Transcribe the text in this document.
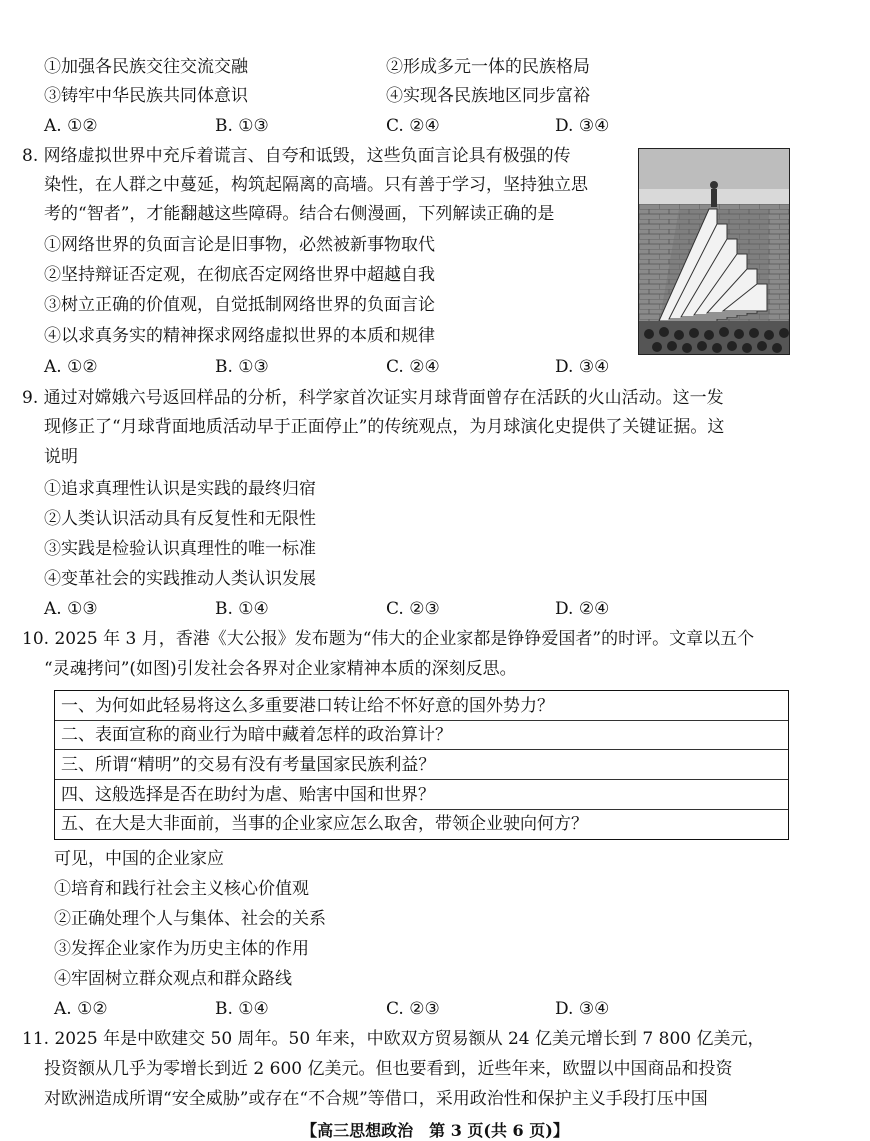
①加强各民族交往交流交融	②形成多元一体的民族格局
③铸牢中华民族共同体意识	④实现各民族地区同步富裕
A. ①②	B. ①③	C. ②④	D. ③④
8. 网络虚拟世界中充斥着谎言、自夸和诋毁，这些负面言论具有极强的传
染性，在人群之中蔓延，构筑起隔离的高墙。只有善于学习，坚持独立思
考的“智者”，才能翻越这些障碍。结合右侧漫画，下列解读正确的是
①网络世界的负面言论是旧事物，必然被新事物取代
②坚持辩证否定观，在彻底否定网络世界中超越自我
③树立正确的价值观，自觉抵制网络世界的负面言论
④以求真务实的精神探求网络虚拟世界的本质和规律
A. ①②	B. ①③	C. ②④	D. ③④
9. 通过对嫦娥六号返回样品的分析，科学家首次证实月球背面曾存在活跃的火山活动。这一发
现修正了“月球背面地质活动早于正面停止”的传统观点，为月球演化史提供了关键证据。这
说明
①追求真理性认识是实践的最终归宿
②人类认识活动具有反复性和无限性
③实践是检验认识真理性的唯一标准
④变革社会的实践推动人类认识发展
A. ①③	B. ①④	C. ②③	D. ②④
10. 2025 年 3 月，香港《大公报》发布题为“伟大的企业家都是铮铮爱国者”的时评。文章以五个
“灵魂拷问”(如图)引发社会各界对企业家精神本质的深刻反思。
一、为何如此轻易将这么多重要港口转让给不怀好意的国外势力？
二、表面宣称的商业行为暗中藏着怎样的政治算计？
三、所谓“精明”的交易有没有考量国家民族利益？
四、这般选择是否在助纣为虐、贻害中国和世界？
五、在大是大非面前，当事的企业家应怎么取舍，带领企业驶向何方？
可见，中国的企业家应
①培育和践行社会主义核心价值观
②正确处理个人与集体、社会的关系
③发挥企业家作为历史主体的作用
④牢固树立群众观点和群众路线
A. ①②	B. ①④	C. ②③	D. ③④
11. 2025 年是中欧建交 50 周年。50 年来，中欧双方贸易额从 24 亿美元增长到 7 800 亿美元，
投资额从几乎为零增长到近 2 600 亿美元。但也要看到，近些年来，欧盟以中国商品和投资
对欧洲造成所谓“安全威胁”或存在“不合规”等借口，采用政治性和保护主义手段打压中国
【高三思想政治　第 3 页(共 6 页)】
